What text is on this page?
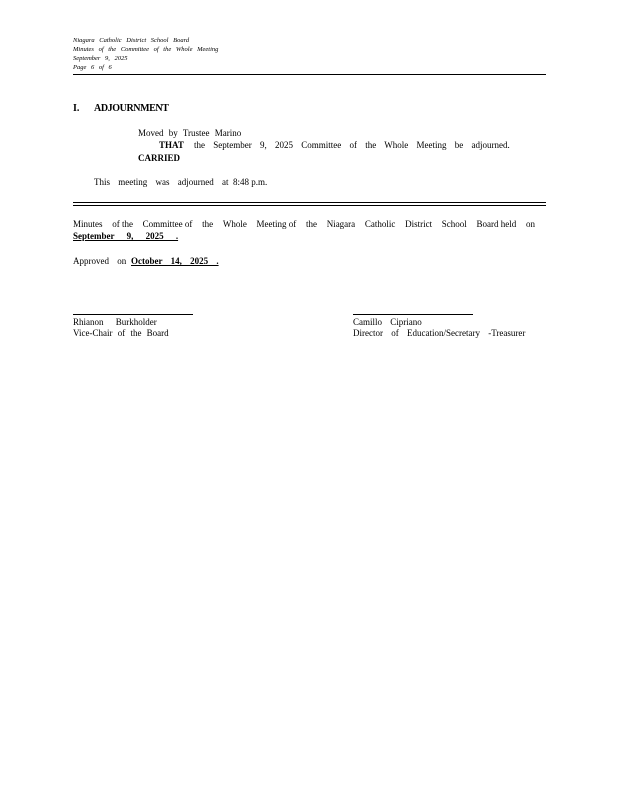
Niagara Catholic District School Board
Minutes of the Committee of the Whole Meeting
September 9, 2025
Page 6 of 6
I. ADJOURNMENT
Moved by Trustee Marino
THAT the September 9, 2025 Committee of the Whole Meeting be adjourned.
CARRIED
This meeting was adjourned at 8:48 p.m.
Minutes of the Committee of the Whole Meeting of the Niagara Catholic District School Board held on
September 9, 2025 .
Approved on October 14, 2025 .
Rhianon Burkholder
Vice-Chair of the Board
Camillo Cipriano
Director of Education/Secretary -Treasurer
